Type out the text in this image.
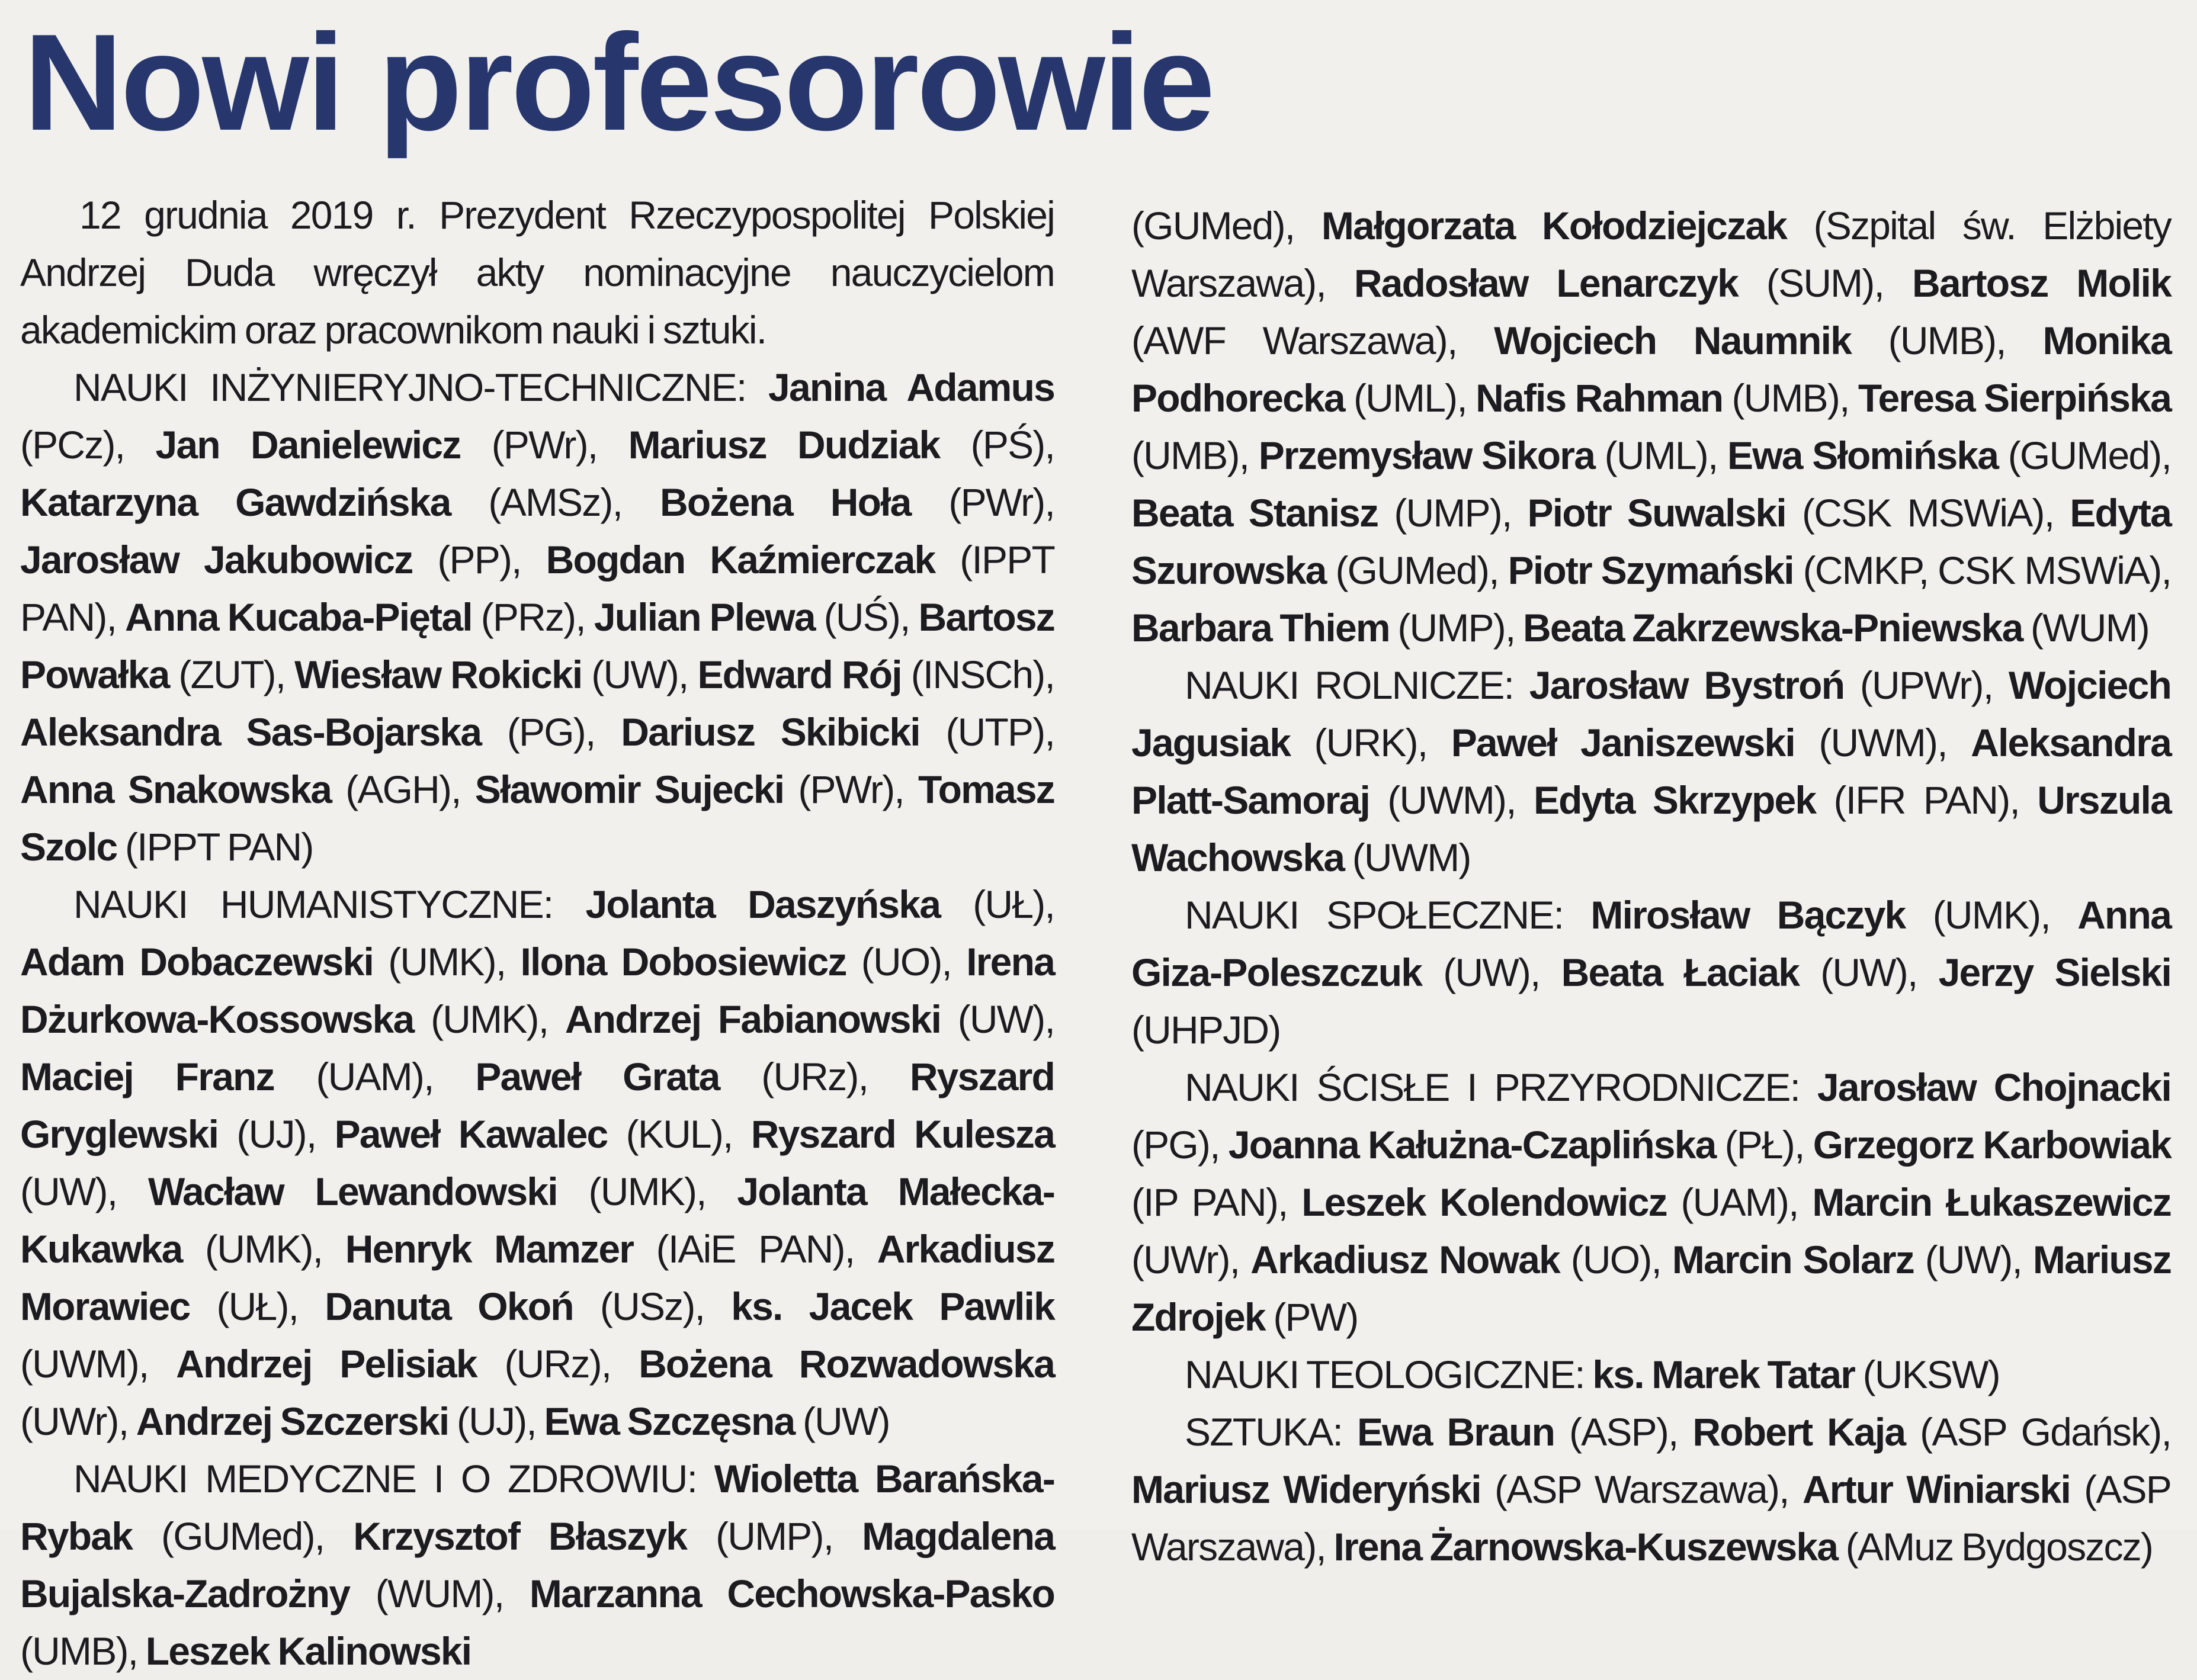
Nowi profesorowie

12 grudnia 2019 r. Prezydent Rzeczypospolitej Polskiej Andrzej Duda wręczył akty nominacyjne nauczycielom akademickim oraz pracownikom nauki i sztuki.

NAUKI INŻYNIERYJNO-TECHNICZNE: Janina Adamus (PCz), Jan Danielewicz (PWr), Mariusz Dudziak (PŚ), Katarzyna Gawdzińska (AMSz), Bożena Hoła (PWr), Jarosław Jakubowicz (PP), Bogdan Kaźmierczak (IPPT PAN), Anna Kucaba-Piętal (PRz), Julian Plewa (UŚ), Bartosz Powałka (ZUT), Wiesław Rokicki (UW), Edward Rój (INSCh), Aleksandra Sas-Bojarska (PG), Dariusz Skibicki (UTP), Anna Snakowska (AGH), Sławomir Sujecki (PWr), Tomasz Szolc (IPPT PAN)

NAUKI HUMANISTYCZNE: Jolanta Daszyńska (UŁ), Adam Dobaczewski (UMK), Ilona Dobosiewicz (UO), Irena Dżurkowa-Kossowska (UMK), Andrzej Fabianowski (UW), Maciej Franz (UAM), Paweł Grata (URz), Ryszard Gryglewski (UJ), Paweł Kawalec (KUL), Ryszard Kulesza (UW), Wacław Lewandowski (UMK), Jolanta Małecka-Kukawka (UMK), Henryk Mamzer (IAiE PAN), Arkadiusz Morawiec (UŁ), Danuta Okoń (USz), ks. Jacek Pawlik (UWM), Andrzej Pelisiak (URz), Bożena Rozwadowska (UWr), Andrzej Szczerski (UJ), Ewa Szczęsna (UW)

NAUKI MEDYCZNE I O ZDROWIU: Wioletta Barańska-Rybak (GUMed), Krzysztof Błaszyk (UMP), Magdalena Bujalska-Zadrożny (WUM), Marzanna Cechowska-Pasko (UMB), Leszek Kalinowski

(GUMed), Małgorzata Kołodziejczak (Szpital św. Elżbiety Warszawa), Radosław Lenarczyk (SUM), Bartosz Molik (AWF Warszawa), Wojciech Naumnik (UMB), Monika Podhorecka (UML), Nafis Rahman (UMB), Teresa Sierpińska (UMB), Przemysław Sikora (UML), Ewa Słomińska (GUMed), Beata Stanisz (UMP), Piotr Suwalski (CSK MSWiA), Edyta Szurowska (GUMed), Piotr Szymański (CMKP, CSK MSWiA), Barbara Thiem (UMP), Beata Zakrzewska-Pniewska (WUM)

NAUKI ROLNICZE: Jarosław Bystroń (UPWr), Wojciech Jagusiak (URK), Paweł Janiszewski (UWM), Aleksandra Platt-Samoraj (UWM), Edyta Skrzypek (IFR PAN), Urszula Wachowska (UWM)

NAUKI SPOŁECZNE: Mirosław Bączyk (UMK), Anna Giza-Poleszczuk (UW), Beata Łaciak (UW), Jerzy Sielski (UHPJD)

NAUKI ŚCISŁE I PRZYRODNICZE: Jarosław Chojnacki (PG), Joanna Kałużna-Czaplińska (PŁ), Grzegorz Karbowiak (IP PAN), Leszek Kolendowicz (UAM), Marcin Łukaszewicz (UWr), Arkadiusz Nowak (UO), Marcin Solarz (UW), Mariusz Zdrojek (PW)

NAUKI TEOLOGICZNE: ks. Marek Tatar (UKSW)

SZTUKA: Ewa Braun (ASP), Robert Kaja (ASP Gdańsk), Mariusz Wideryński (ASP Warszawa), Artur Winiarski (ASP Warszawa), Irena Żarnowska-Kuszewska (AMuz Bydgoszcz)
